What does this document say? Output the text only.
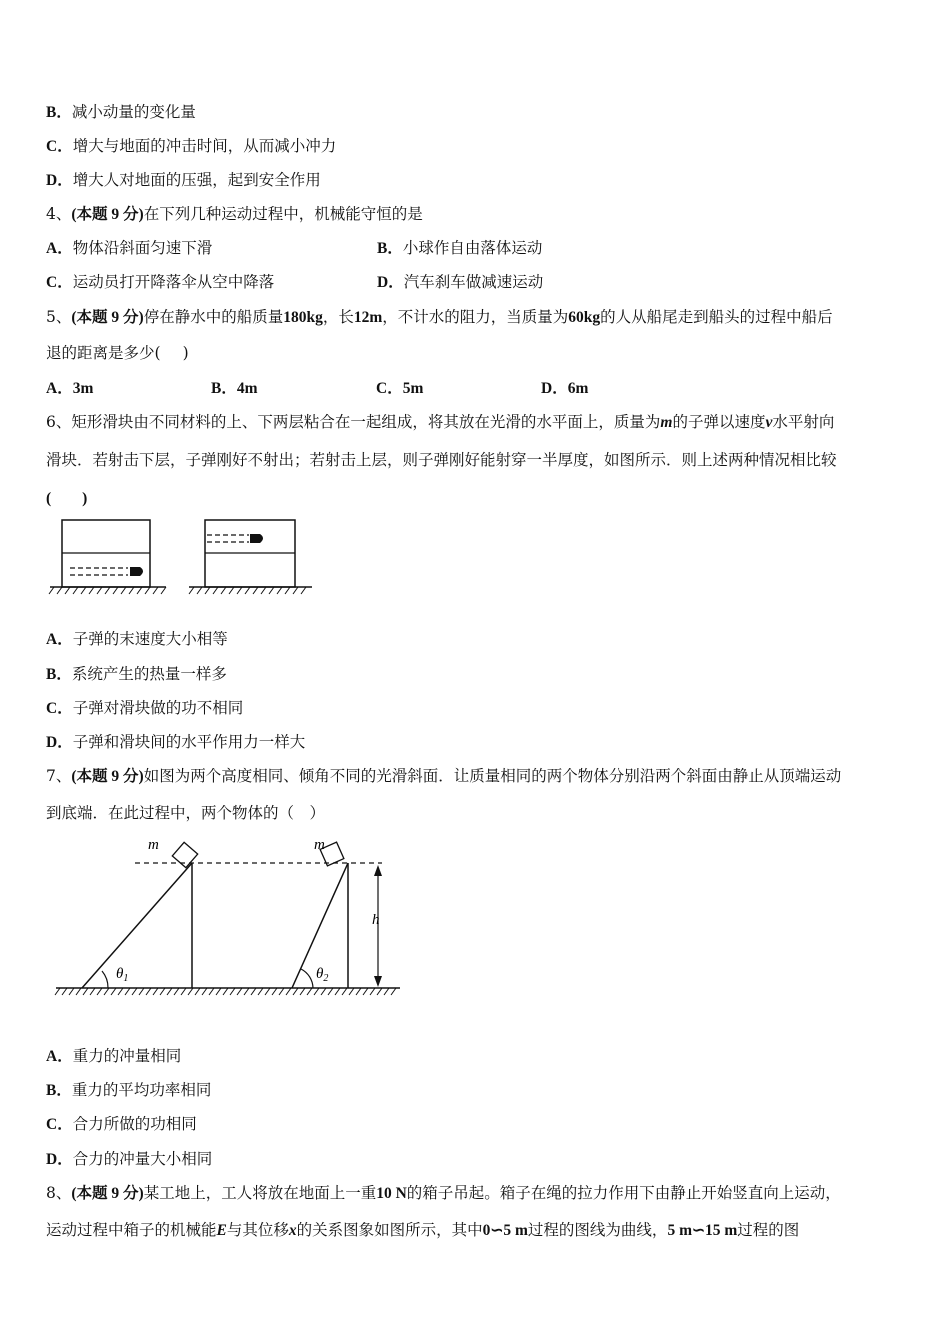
B．减小动量的变化量
C．增大与地面的冲击时间，从而减小冲力
D．增大人对地面的压强，起到安全作用
4、(本题 9 分)在下列几种运动过程中，机械能守恒的是
A．物体沿斜面匀速下滑	B．小球作自由落体运动
C．运动员打开降落伞从空中降落	D．汽车刹车做减速运动
5、(本题 9 分)停在静水中的船质量180kg，长12m，不计水的阻力，当质量为60kg的人从船尾走到船头的过程中船后
退的距离是多少( )
A．3m	B．4m	C．5m	D．6m
6、矩形滑块由不同材料的上、下两层粘合在一起组成，将其放在光滑的水平面上，质量为m的子弹以速度v水平射向
滑块．若射击下层，子弹刚好不射出；若射击上层，则子弹刚好能射穿一半厚度，如图所示．则上述两种情况相比较
(　　)
A．子弹的末速度大小相等
B．系统产生的热量一样多
C．子弹对滑块做的功不相同
D．子弹和滑块间的水平作用力一样大
7、(本题 9 分)如图为两个高度相同、倾角不同的光滑斜面．让质量相同的两个物体分别沿两个斜面由静止从顶端运动
到底端．在此过程中，两个物体的（　）
m	m
h
$\theta_1$	$\theta_2$
A．重力的冲量相同
B．重力的平均功率相同
C．合力所做的功相同
D．合力的冲量大小相同
8、(本题 9 分)某工地上，工人将放在地面上一重10 N的箱子吊起。箱子在绳的拉力作用下由静止开始竖直向上运动，
运动过程中箱子的机械能E与其位移x的关系图象如图所示，其中0∽5 m过程的图线为曲线，5 m∽15 m过程的图
